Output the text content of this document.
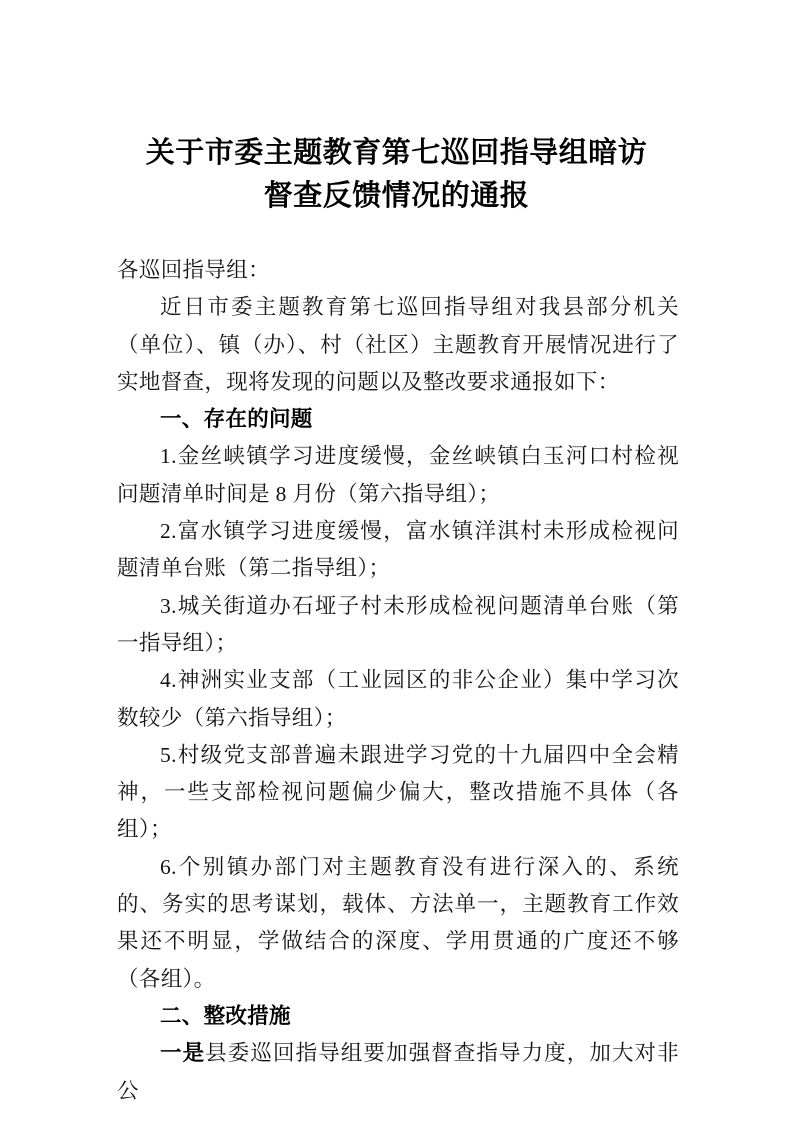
关于市委主题教育第七巡回指导组暗访
督查反馈情况的通报

各巡回指导组：

近日市委主题教育第七巡回指导组对我县部分机关（单位）、镇（办）、村（社区）主题教育开展情况进行了实地督查，现将发现的问题以及整改要求通报如下：

一、存在的问题

1.金丝峡镇学习进度缓慢，金丝峡镇白玉河口村检视问题清单时间是 8 月份（第六指导组）；

2.富水镇学习进度缓慢，富水镇洋淇村未形成检视问题清单台账（第二指导组）；

3.城关街道办石垭子村未形成检视问题清单台账（第一指导组）；

4.神洲实业支部（工业园区的非公企业）集中学习次数较少（第六指导组）；

5.村级党支部普遍未跟进学习党的十九届四中全会精神，一些支部检视问题偏少偏大，整改措施不具体（各组）；

6.个别镇办部门对主题教育没有进行深入的、系统的、务实的思考谋划，载体、方法单一，主题教育工作效果还不明显，学做结合的深度、学用贯通的广度还不够（各组）。

二、整改措施

一是县委巡回指导组要加强督查指导力度，加大对非公
